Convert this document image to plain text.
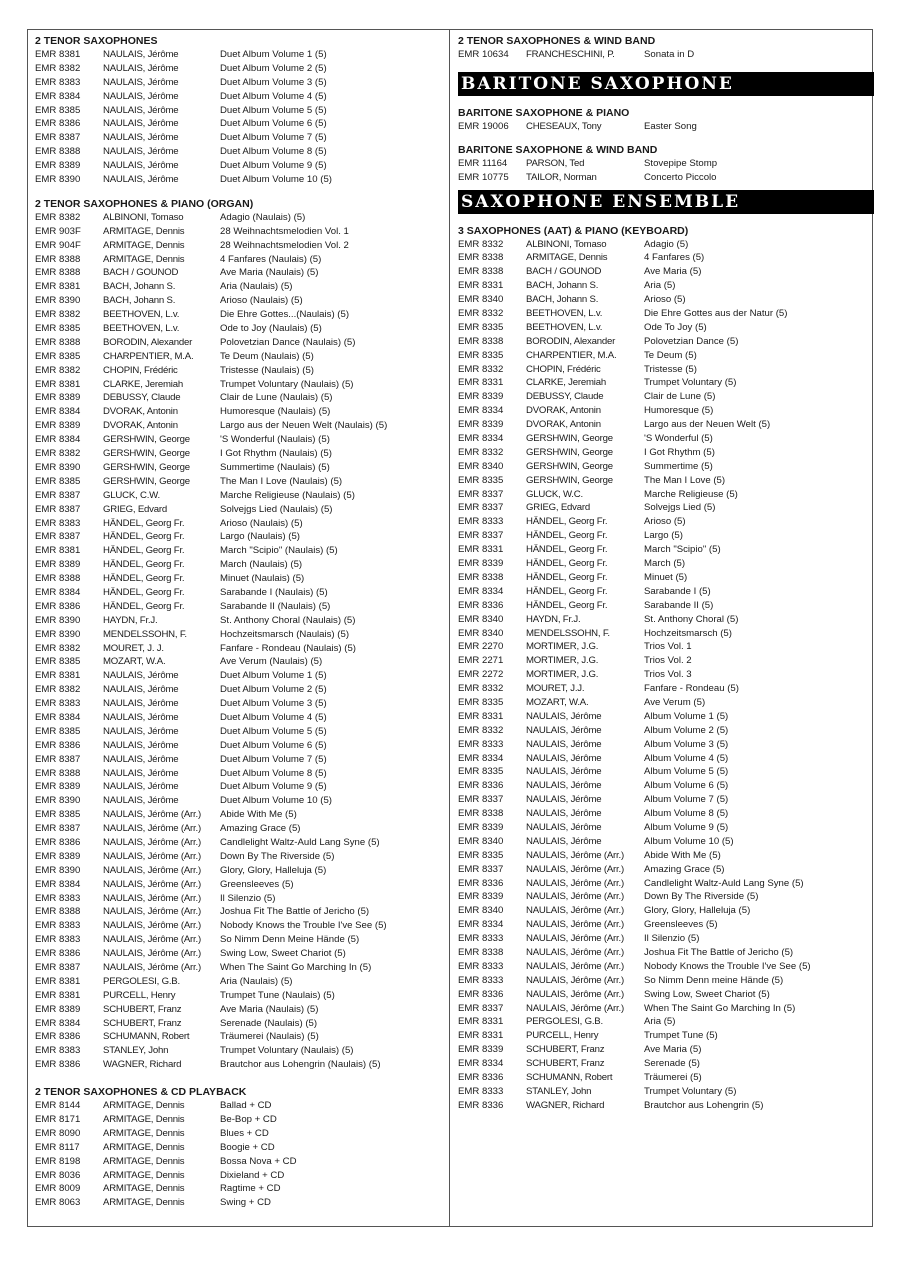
2 TENOR SAXOPHONES
EMR 8381	NAULAIS, Jérôme	Duet Album Volume 1 (5)
EMR 8382	NAULAIS, Jérôme	Duet Album Volume 2 (5)
EMR 8383	NAULAIS, Jérôme	Duet Album Volume 3 (5)
EMR 8384	NAULAIS, Jérôme	Duet Album Volume 4 (5)
EMR 8385	NAULAIS, Jérôme	Duet Album Volume 5 (5)
EMR 8386	NAULAIS, Jérôme	Duet Album Volume 6 (5)
EMR 8387	NAULAIS, Jérôme	Duet Album Volume 7 (5)
EMR 8388	NAULAIS, Jérôme	Duet Album Volume 8 (5)
EMR 8389	NAULAIS, Jérôme	Duet Album Volume 9 (5)
EMR 8390	NAULAIS, Jérôme	Duet Album Volume 10 (5)
2 TENOR SAXOPHONES & PIANO (ORGAN)
EMR 8382	ALBINONI, Tomaso	Adagio (Naulais) (5)
EMR 903F	ARMITAGE, Dennis	28 Weihnachtsmelodien Vol. 1
EMR 904F	ARMITAGE, Dennis	28 Weihnachtsmelodien Vol. 2
EMR 8388	ARMITAGE, Dennis	4 Fanfares (Naulais) (5)
EMR 8388	BACH / GOUNOD	Ave Maria (Naulais) (5)
EMR 8381	BACH, Johann S.	Aria (Naulais) (5)
EMR 8390	BACH, Johann S.	Arioso (Naulais) (5)
EMR 8382	BEETHOVEN, L.v.	Die Ehre Gottes...(Naulais) (5)
EMR 8385	BEETHOVEN, L.v.	Ode to Joy (Naulais) (5)
EMR 8388	BORODIN, Alexander	Polovetzian Dance (Naulais) (5)
EMR 8385	CHARPENTIER, M.A.	Te Deum (Naulais) (5)
EMR 8382	CHOPIN, Frédéric	Tristesse (Naulais) (5)
EMR 8381	CLARKE, Jeremiah	Trumpet Voluntary (Naulais) (5)
EMR 8389	DEBUSSY, Claude	Clair de Lune (Naulais) (5)
EMR 8384	DVORAK, Antonin	Humoresque (Naulais) (5)
EMR 8389	DVORAK, Antonin	Largo aus der Neuen Welt (Naulais) (5)
EMR 8384	GERSHWIN, George	'S Wonderful (Naulais) (5)
EMR 8382	GERSHWIN, George	I Got Rhythm (Naulais) (5)
EMR 8390	GERSHWIN, George	Summertime (Naulais) (5)
EMR 8385	GERSHWIN, George	The Man I Love (Naulais) (5)
EMR 8387	GLUCK, C.W.	Marche Religieuse (Naulais) (5)
EMR 8387	GRIEG, Edvard	Solvejgs Lied (Naulais) (5)
EMR 8383	HÄNDEL, Georg Fr.	Arioso (Naulais) (5)
EMR 8387	HÄNDEL, Georg Fr.	Largo (Naulais) (5)
EMR 8381	HÄNDEL, Georg Fr.	March "Scipio" (Naulais) (5)
EMR 8389	HÄNDEL, Georg Fr.	March (Naulais) (5)
EMR 8388	HÄNDEL, Georg Fr.	Minuet (Naulais) (5)
EMR 8384	HÄNDEL, Georg Fr.	Sarabande I (Naulais) (5)
EMR 8386	HÄNDEL, Georg Fr.	Sarabande II (Naulais) (5)
EMR 8390	HAYDN, Fr.J.	St. Anthony Choral (Naulais) (5)
EMR 8390	MENDELSSOHN, F.	Hochzeitsmarsch (Naulais) (5)
EMR 8382	MOURET, J. J.	Fanfare - Rondeau (Naulais) (5)
EMR 8385	MOZART, W.A.	Ave Verum (Naulais) (5)
EMR 8381	NAULAIS, Jérôme	Duet Album Volume 1 (5)
EMR 8382	NAULAIS, Jérôme	Duet Album Volume 2 (5)
EMR 8383	NAULAIS, Jérôme	Duet Album Volume 3 (5)
EMR 8384	NAULAIS, Jérôme	Duet Album Volume 4 (5)
EMR 8385	NAULAIS, Jérôme	Duet Album Volume 5 (5)
EMR 8386	NAULAIS, Jérôme	Duet Album Volume 6 (5)
EMR 8387	NAULAIS, Jérôme	Duet Album Volume 7 (5)
EMR 8388	NAULAIS, Jérôme	Duet Album Volume 8 (5)
EMR 8389	NAULAIS, Jérôme	Duet Album Volume 9 (5)
EMR 8390	NAULAIS, Jérôme	Duet Album Volume 10 (5)
EMR 8385	NAULAIS, Jérôme (Arr.)	Abide With Me (5)
EMR 8387	NAULAIS, Jérôme (Arr.)	Amazing Grace (5)
EMR 8386	NAULAIS, Jérôme (Arr.)	Candlelight Waltz-Auld Lang Syne (5)
EMR 8389	NAULAIS, Jérôme (Arr.)	Down By The Riverside (5)
EMR 8390	NAULAIS, Jérôme (Arr.)	Glory, Glory, Halleluja (5)
EMR 8384	NAULAIS, Jérôme (Arr.)	Greensleeves (5)
EMR 8383	NAULAIS, Jérôme (Arr.)	Il Silenzio (5)
EMR 8388	NAULAIS, Jérôme (Arr.)	Joshua Fit The Battle of Jericho (5)
EMR 8383	NAULAIS, Jérôme (Arr.)	Nobody Knows the Trouble I've See (5)
EMR 8383	NAULAIS, Jérôme (Arr.)	So Nimm Denn Meine Hände (5)
EMR 8386	NAULAIS, Jérôme (Arr.)	Swing Low, Sweet Chariot (5)
EMR 8387	NAULAIS, Jérôme (Arr.)	When The Saint Go Marching In (5)
EMR 8381	PERGOLESI, G.B.	Aria (Naulais) (5)
EMR 8381	PURCELL, Henry	Trumpet Tune (Naulais) (5)
EMR 8389	SCHUBERT, Franz	Ave Maria (Naulais) (5)
EMR 8384	SCHUBERT, Franz	Serenade (Naulais) (5)
EMR 8386	SCHUMANN, Robert	Träumerei (Naulais) (5)
EMR 8383	STANLEY, John	Trumpet Voluntary (Naulais) (5)
EMR 8386	WAGNER, Richard	Brautchor aus Lohengrin (Naulais) (5)
2 TENOR SAXOPHONES & CD PLAYBACK
EMR 8144	ARMITAGE, Dennis	Ballad + CD
EMR 8171	ARMITAGE, Dennis	Be-Bop + CD
EMR 8090	ARMITAGE, Dennis	Blues + CD
EMR 8117	ARMITAGE, Dennis	Boogie + CD
EMR 8198	ARMITAGE, Dennis	Bossa Nova + CD
EMR 8036	ARMITAGE, Dennis	Dixieland + CD
EMR 8009	ARMITAGE, Dennis	Ragtime + CD
EMR 8063	ARMITAGE, Dennis	Swing + CD
2 TENOR SAXOPHONES & WIND BAND
EMR 10634	FRANCHESCHINI, P.	Sonata in D
BARITONE SAXOPHONE
BARITONE SAXOPHONE & PIANO
EMR 19006	CHESEAUX, Tony	Easter Song
BARITONE SAXOPHONE & WIND BAND
EMR 11164	PARSON, Ted	Stovepipe Stomp
EMR 10775	TAILOR, Norman	Concerto Piccolo
SAXOPHONE ENSEMBLE
3 SAXOPHONES (AAT) & PIANO (KEYBOARD)
EMR 8332	ALBINONI, Tomaso	Adagio (5)
EMR 8338	ARMITAGE, Dennis	4 Fanfares (5)
EMR 8338	BACH / GOUNOD	Ave Maria (5)
EMR 8331	BACH, Johann S.	Aria (5)
EMR 8340	BACH, Johann S.	Arioso (5)
EMR 8332	BEETHOVEN, L.v.	Die Ehre Gottes aus der Natur (5)
EMR 8335	BEETHOVEN, L.v.	Ode To Joy (5)
EMR 8338	BORODIN, Alexander	Polovetzian Dance (5)
EMR 8335	CHARPENTIER, M.A.	Te Deum (5)
EMR 8332	CHOPIN, Frédéric	Tristesse (5)
EMR 8331	CLARKE, Jeremiah	Trumpet Voluntary (5)
EMR 8339	DEBUSSY, Claude	Clair de Lune (5)
EMR 8334	DVORAK, Antonin	Humoresque (5)
EMR 8339	DVORAK, Antonin	Largo aus der Neuen Welt (5)
EMR 8334	GERSHWIN, George	'S Wonderful (5)
EMR 8332	GERSHWIN, George	I Got Rhythm (5)
EMR 8340	GERSHWIN, George	Summertime (5)
EMR 8335	GERSHWIN, George	The Man I Love (5)
EMR 8337	GLUCK, W.C.	Marche Religieuse (5)
EMR 8337	GRIEG, Edvard	Solvejgs Lied (5)
EMR 8333	HÄNDEL, Georg Fr.	Arioso (5)
EMR 8337	HÄNDEL, Georg Fr.	Largo (5)
EMR 8331	HÄNDEL, Georg Fr.	March "Scipio" (5)
EMR 8339	HÄNDEL, Georg Fr.	March (5)
EMR 8338	HÄNDEL, Georg Fr.	Minuet (5)
EMR 8334	HÄNDEL, Georg Fr.	Sarabande I (5)
EMR 8336	HÄNDEL, Georg Fr.	Sarabande II (5)
EMR 8340	HAYDN, Fr.J.	St. Anthony Choral (5)
EMR 8340	MENDELSSOHN, F.	Hochzeitsmarsch (5)
EMR 2270	MORTIMER, J.G.	Trios Vol. 1
EMR 2271	MORTIMER, J.G.	Trios Vol. 2
EMR 2272	MORTIMER, J.G.	Trios Vol. 3
EMR 8332	MOURET, J.J.	Fanfare - Rondeau (5)
EMR 8335	MOZART, W.A.	Ave Verum (5)
EMR 8331	NAULAIS, Jérôme	Album Volume 1 (5)
EMR 8332	NAULAIS, Jérôme	Album Volume 2 (5)
EMR 8333	NAULAIS, Jérôme	Album Volume 3 (5)
EMR 8334	NAULAIS, Jérôme	Album Volume 4 (5)
EMR 8335	NAULAIS, Jérôme	Album Volume 5 (5)
EMR 8336	NAULAIS, Jérôme	Album Volume 6 (5)
EMR 8337	NAULAIS, Jérôme	Album Volume 7 (5)
EMR 8338	NAULAIS, Jérôme	Album Volume 8 (5)
EMR 8339	NAULAIS, Jérôme	Album Volume 9 (5)
EMR 8340	NAULAIS, Jérôme	Album Volume 10 (5)
EMR 8335	NAULAIS, Jérôme (Arr.)	Abide With Me (5)
EMR 8337	NAULAIS, Jérôme (Arr.)	Amazing Grace (5)
EMR 8336	NAULAIS, Jérôme (Arr.)	Candlelight Waltz-Auld Lang Syne (5)
EMR 8339	NAULAIS, Jérôme (Arr.)	Down By The Riverside (5)
EMR 8340	NAULAIS, Jérôme (Arr.)	Glory, Glory, Halleluja (5)
EMR 8334	NAULAIS, Jérôme (Arr.)	Greensleeves (5)
EMR 8333	NAULAIS, Jérôme (Arr.)	Il Silenzio (5)
EMR 8338	NAULAIS, Jérôme (Arr.)	Joshua Fit The Battle of Jericho (5)
EMR 8333	NAULAIS, Jérôme (Arr.)	Nobody Knows the Trouble I've See (5)
EMR 8333	NAULAIS, Jérôme (Arr.)	So Nimm Denn meine Hände (5)
EMR 8336	NAULAIS, Jérôme (Arr.)	Swing Low, Sweet Chariot (5)
EMR 8337	NAULAIS, Jérôme (Arr.)	When The Saint Go Marching In (5)
EMR 8331	PERGOLESI, G.B.	Aria (5)
EMR 8331	PURCELL, Henry	Trumpet Tune (5)
EMR 8339	SCHUBERT, Franz	Ave Maria (5)
EMR 8334	SCHUBERT, Franz	Serenade (5)
EMR 8336	SCHUMANN, Robert	Träumerei (5)
EMR 8333	STANLEY, John	Trumpet Voluntary (5)
EMR 8336	WAGNER, Richard	Brautchor aus Lohengrin (5)
